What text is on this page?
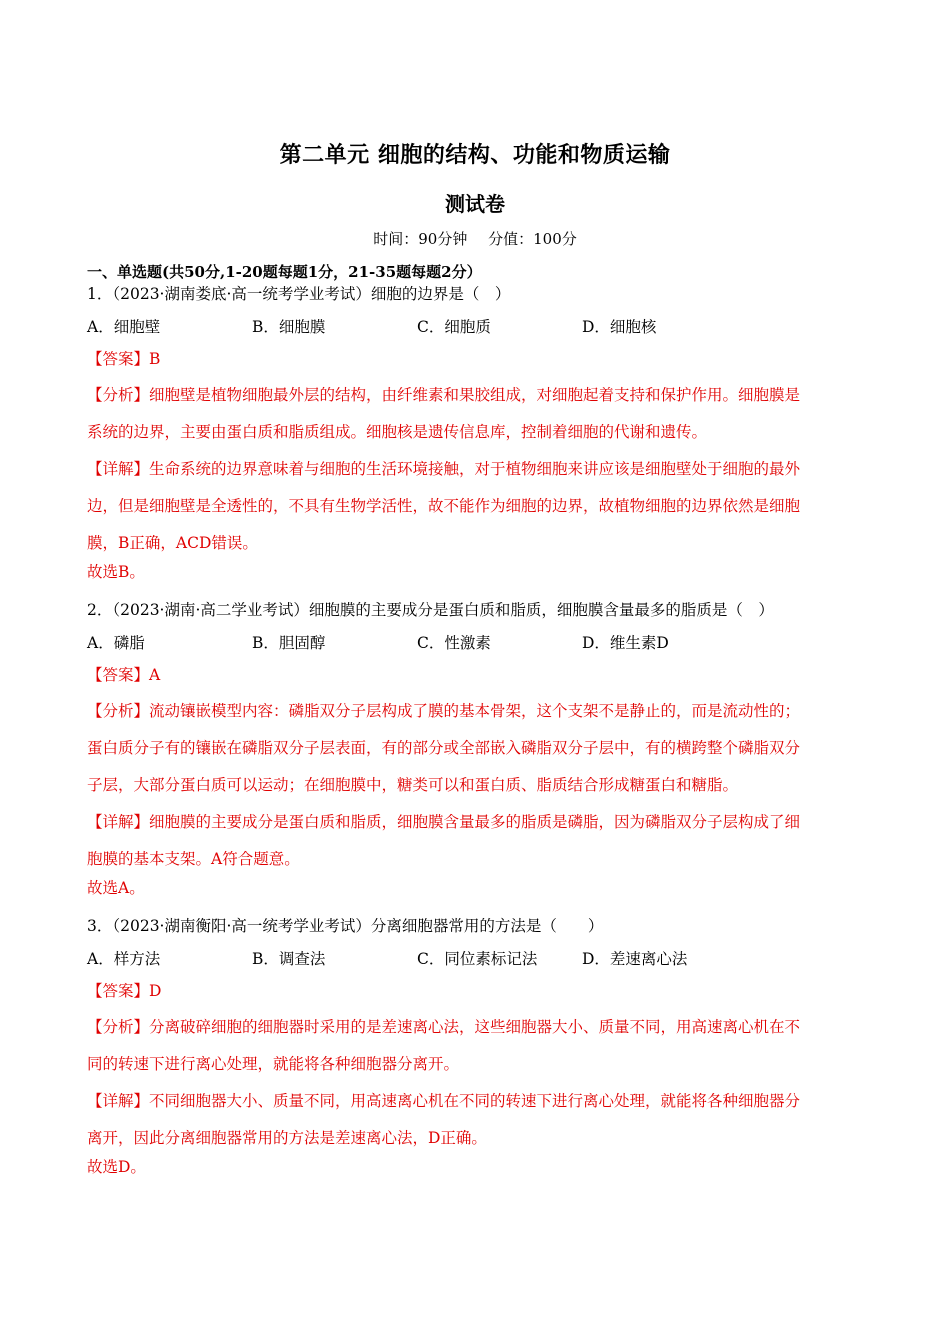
第二单元 细胞的结构、功能和物质运输
测试卷
时间：90分钟 分值：100分

一、单选题(共50分,1-20题每题1分，21-35题每题2分）

1．（2023·湖南娄底·高一统考学业考试）细胞的边界是（　）

A．细胞壁	B．细胞膜	C．细胞质	D．细胞核

【答案】B

【分析】细胞壁是植物细胞最外层的结构，由纤维素和果胶组成，对细胞起着支持和保护作用。细胞膜是

系统的边界，主要由蛋白质和脂质组成。细胞核是遗传信息库，控制着细胞的代谢和遗传。

【详解】生命系统的边界意味着与细胞的生活环境接触，对于植物细胞来讲应该是细胞壁处于细胞的最外

边，但是细胞壁是全透性的，不具有生物学活性，故不能作为细胞的边界，故植物细胞的边界依然是细胞

膜，B正确，ACD错误。

故选B。

2．（2023·湖南·高二学业考试）细胞膜的主要成分是蛋白质和脂质，细胞膜含量最多的脂质是（　）

A．磷脂	B．胆固醇	C．性激素	D．维生素D

【答案】A

【分析】流动镶嵌模型内容：磷脂双分子层构成了膜的基本骨架，这个支架不是静止的，而是流动性的；

蛋白质分子有的镶嵌在磷脂双分子层表面，有的部分或全部嵌入磷脂双分子层中，有的横跨整个磷脂双分

子层，大部分蛋白质可以运动；在细胞膜中，糖类可以和蛋白质、脂质结合形成糖蛋白和糖脂。

【详解】细胞膜的主要成分是蛋白质和脂质，细胞膜含量最多的脂质是磷脂，因为磷脂双分子层构成了细

胞膜的基本支架。A符合题意。

故选A。

3．（2023·湖南衡阳·高一统考学业考试）分离细胞器常用的方法是（　　）

A．样方法	B．调查法	C．同位素标记法	D．差速离心法

【答案】D

【分析】分离破碎细胞的细胞器时采用的是差速离心法，这些细胞器大小、质量不同，用高速离心机在不

同的转速下进行离心处理，就能将各种细胞器分离开。

【详解】不同细胞器大小、质量不同，用高速离心机在不同的转速下进行离心处理，就能将各种细胞器分

离开，因此分离细胞器常用的方法是差速离心法，D正确。

故选D。
